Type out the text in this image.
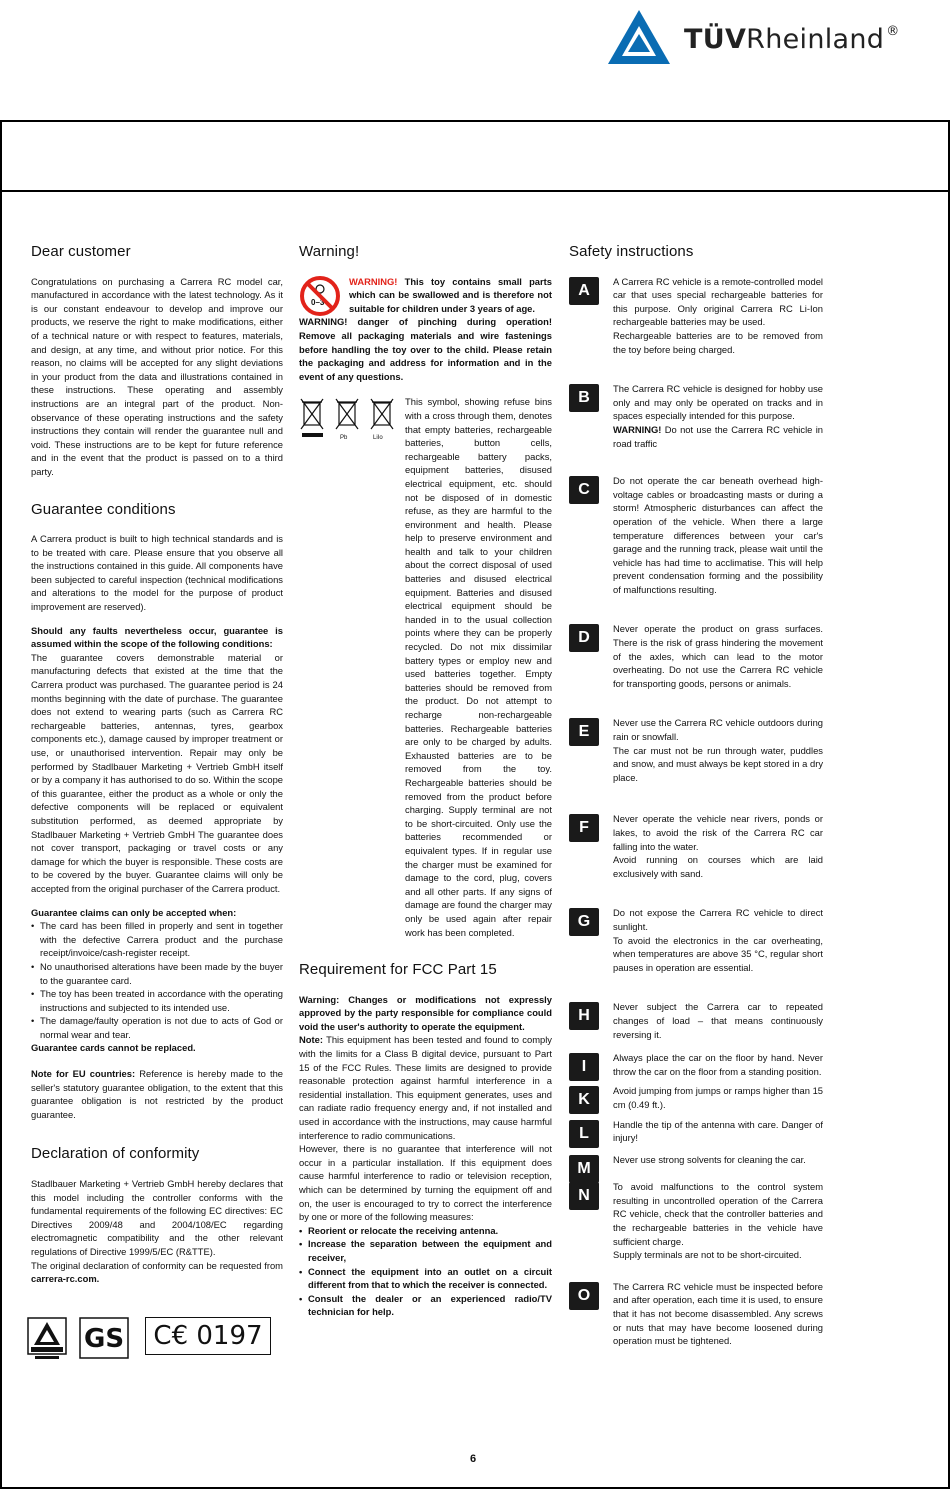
TÜVRheinland ®
Dear customer

Congratulations on purchasing a Carrera RC model car, manufactured in accordance with the latest technology. As it is our constant endeavour to develop and improve our products, we reserve the right to make modifications, either of a technical nature or with respect to features, materials, and design, at any time, and without prior notice. For this reason, no claims will be accepted for any slight deviations in your product from the data and illustrations contained in these instructions. These operating and assembly instructions are an integral part of the product. Non-observance of these operating instructions and the safety instructions they contain will render the guarantee null and void. These instructions are to be kept for future reference and in the event that the product is passed on to a third party.

Guarantee conditions

A Carrera product is built to high technical standards and is to be treated with care. Please ensure that you observe all the instructions contained in this guide. All components have been subjected to careful inspection (technical modifications and alterations to the model for the purpose of product improvement are reserved).

Should any faults nevertheless occur, guarantee is assumed within the scope of the following conditions:

The guarantee covers demonstrable material or manufacturing defects that existed at the time that the Carrera product was purchased. The guarantee period is 24 months beginning with the date of purchase. The guarantee does not extend to wearing parts (such as Carrera RC rechargeable batteries, antennas, tyres, gearbox components etc.), damage caused by improper treatment or use, or unauthorised intervention. Repair may only be performed by Stadlbauer Marketing + Vertrieb GmbH itself or by a company it has authorised to do so. Within the scope of this guarantee, either the product as a whole or only the defective components will be replaced or equivalent substitution performed, as deemed appropriate by Stadlbauer Marketing + Vertrieb GmbH The guarantee does not cover transport, packaging or travel costs or any damage for which the buyer is responsible. These costs are to be covered by the buyer. Guarantee claims will only be accepted from the original purchaser of the Carrera product.

Guarantee claims can only be accepted when:

• The card has been filled in properly and sent in together with the defective Carrera product and the purchase receipt/invoice/cash-register receipt.
• No unauthorised alterations have been made by the buyer to the guarantee card.
• The toy has been treated in accordance with the operating instructions and subjected to its intended use.
• The damage/faulty operation is not due to acts of God or normal wear and tear.

Guarantee cards cannot be replaced.

Note for EU countries: Reference is hereby made to the seller's statutory guarantee obligation, to the extent that this guarantee obligation is not restricted by the product guarantee.

Declaration of conformity

Stadlbauer Marketing + Vertrieb GmbH hereby declares that this model including the controller conforms with the fundamental requirements of the following EC directives: EC Directives 2009/48 and 2004/108/EC regarding electromagnetic compatibility and the other relevant regulations of Directive 1999/5/EC (R&TTE).

The original declaration of conformity can be requested from carrera-rc.com.

GS	C€ 0197
Warning!
0–3

WARNING! This toy contains small parts which can be swallowed and is therefore not suitable for children under 3 years of age.

WARNING! danger of pinching during operation! Remove all packaging materials and wire fastenings before handling the toy over to the child. Please retain the packaging and address for information and in the event of any questions.

Pb	LiIo

This symbol, showing refuse bins with a cross through them, denotes that empty batteries, rechargeable batteries, button cells, rechargeable battery packs, equipment batteries, disused electrical equipment, etc. should not be disposed of in domestic refuse, as they are harmful to the environment and health. Please help to preserve environment and health and talk to your children about the correct disposal of used batteries and disused electrical equipment. Batteries and disused electrical equipment should be handed in to the usual collection points where they can be properly recycled. Do not mix dissimilar battery types or employ new and used batteries together. Empty batteries should be removed from the product. Do not attempt to recharge non-rechargeable batteries. Rechargeable batteries are only to be charged by adults. Exhausted batteries are to be removed from the toy. Rechargeable batteries should be removed from the product before charging. Supply terminal are not to be short-circuited. Only use the batteries recommended or equivalent types. If in regular use the charger must be examined for damage to the cord, plug, covers and all other parts. If any signs of damage are found the charger may only be used again after repair work has been completed.

Requirement for FCC Part 15

Warning: Changes or modifications not expressly approved by the party responsible for compliance could void the user's authority to operate the equipment.

Note: This equipment has been tested and found to comply with the limits for a Class B digital device, pursuant to Part 15 of the FCC Rules. These limits are designed to provide reasonable protection against harmful interference in a residential installation. This equipment generates, uses and can radiate radio frequency energy and, if not installed and used in accordance with the instructions, may cause harmful interference to radio communications.

However, there is no guarantee that interference will not occur in a particular installation. If this equipment does cause harmful interference to radio or television reception, which can be determined by turning the equipment off and on, the user is encouraged to try to correct the interference by one or more of the following measures:

• Reorient or relocate the receiving antenna.
• Increase the separation between the equipment and receiver,
• Connect the equipment into an outlet on a circuit different from that to which the receiver is connected.
• Consult the dealer or an experienced radio/TV technician for help.
Safety instructions
A

A Carrera RC vehicle is a remote-controlled model car that uses special rechargeable batteries for this purpose. Only original Carrera RC Li-Ion rechargeable batteries may be used.

Rechargeable batteries are to be removed from the toy before being charged.

B

The Carrera RC vehicle is designed for hobby use only and may only be operated on tracks and in spaces especially intended for this purpose.

WARNING! Do not use the Carrera RC vehicle in road traffic

C

Do not operate the car beneath overhead high-voltage cables or broadcasting masts or during a storm! Atmospheric disturbances can affect the operation of the vehicle. When there a large temperature differences between your car's garage and the running track, please wait until the vehicle has had time to acclimatise. This will help prevent condensation forming and the possibility of malfunctions resulting.

D

Never operate the product on grass surfaces. There is the risk of grass hindering the movement of the axles, which can lead to the motor overheating. Do not use the Carrera RC vehicle for transporting goods, persons or animals.

E

Never use the Carrera RC vehicle outdoors during rain or snowfall.

The car must not be run through water, puddles and snow, and must always be kept stored in a dry place.

F

Never operate the vehicle near rivers, ponds or lakes, to avoid the risk of the Carrera RC car falling into the water.

Avoid running on courses which are laid exclusively with sand.

G

Do not expose the Carrera RC vehicle to direct sunlight.

To avoid the electronics in the car overheating, when temperatures are above 35 °C, regular short pauses in operation are essential.

H

Never subject the Carrera car to repeated changes of load – that means continuously reversing it.

I

Always place the car on the floor by hand. Never throw the car on the floor from a standing position.

K

Avoid jumping from jumps or ramps higher than 15 cm (0.49 ft.).

L

Handle the tip of the antenna with care. Danger of injury!

M

Never use strong solvents for cleaning the car.

N

To avoid malfunctions to the control system resulting in uncontrolled operation of the Carrera RC vehicle, check that the controller batteries and the rechargeable batteries in the vehicle have sufficient charge.

Supply terminals are not to be short-circuited.

O

The Carrera RC vehicle must be inspected before and after operation, each time it is used, to ensure that it has not become disassembled. Any screws or nuts that may have become loosened during operation must be tightened.

6
